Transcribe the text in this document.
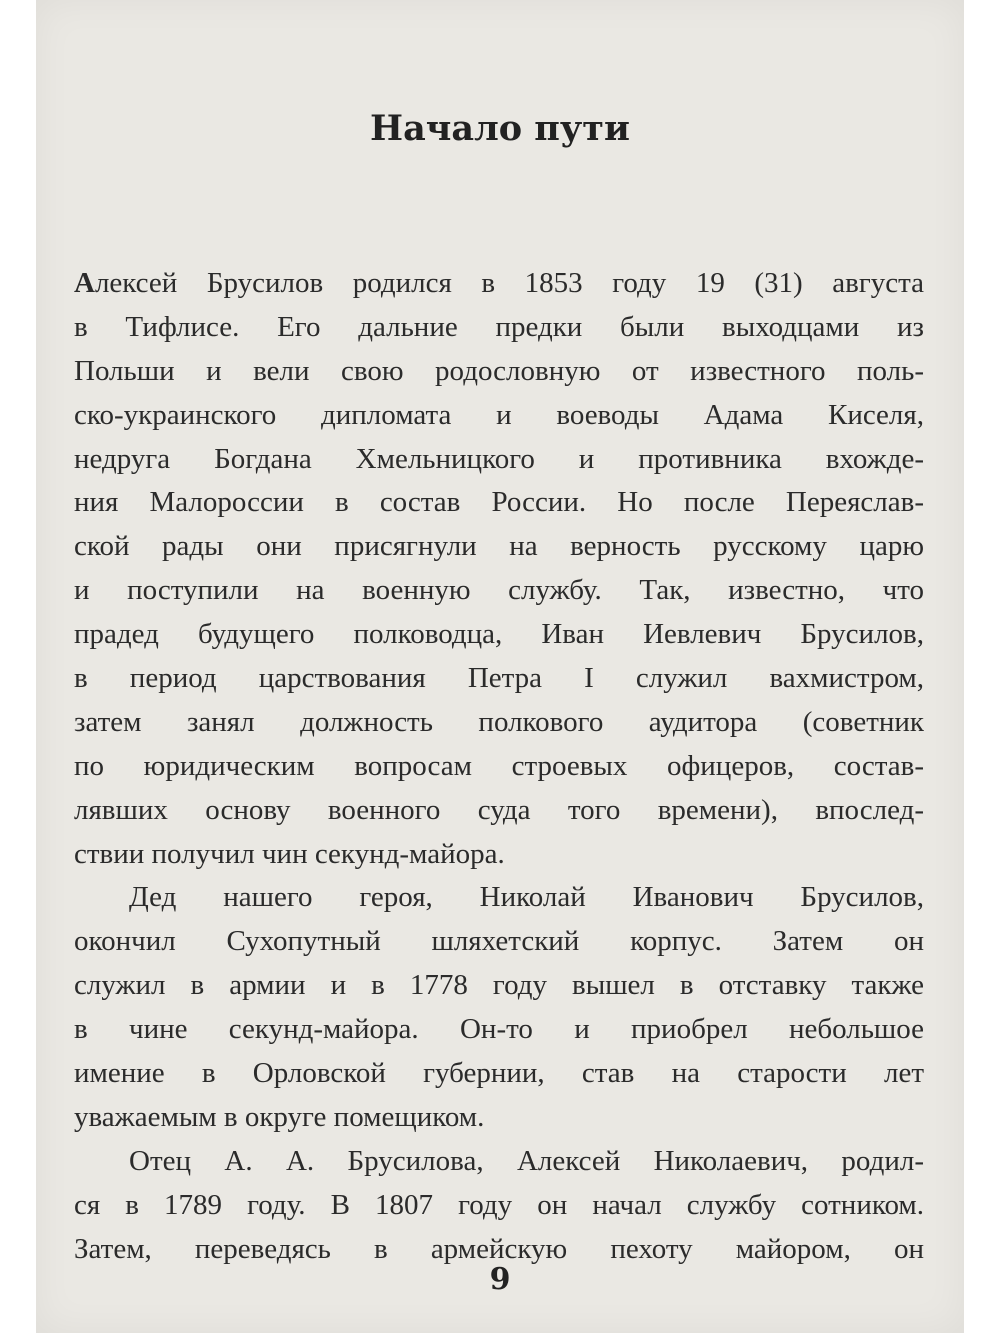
Начало пути
Алексей Брусилов родился в 1853 году 19 (31) августа
в Тифлисе. Его дальние предки были выходцами из
Польши и вели свою родословную от известного поль-
ско-украинского дипломата и воеводы Адама Киселя,
недруга Богдана Хмельницкого и противника вхожде-
ния Малороссии в состав России. Но после Переяслав-
ской рады они присягнули на верность русскому царю
и поступили на военную службу. Так, известно, что
прадед будущего полководца, Иван Иевлевич Брусилов,
в период царствования Петра I служил вахмистром,
затем занял должность полкового аудитора (советник
по юридическим вопросам строевых офицеров, состав-
лявших основу военного суда того времени), впослед-
ствии получил чин секунд-майора.
Дед нашего героя, Николай Иванович Брусилов,
окончил Сухопутный шляхетский корпус. Затем он
служил в армии и в 1778 году вышел в отставку также
в чине секунд-майора. Он-то и приобрел небольшое
имение в Орловской губернии, став на старости лет
уважаемым в округе помещиком.
Отец А. А. Брусилова, Алексей Николаевич, родил-
ся в 1789 году. В 1807 году он начал службу сотником.
Затем, переведясь в армейскую пехоту майором, он
9
